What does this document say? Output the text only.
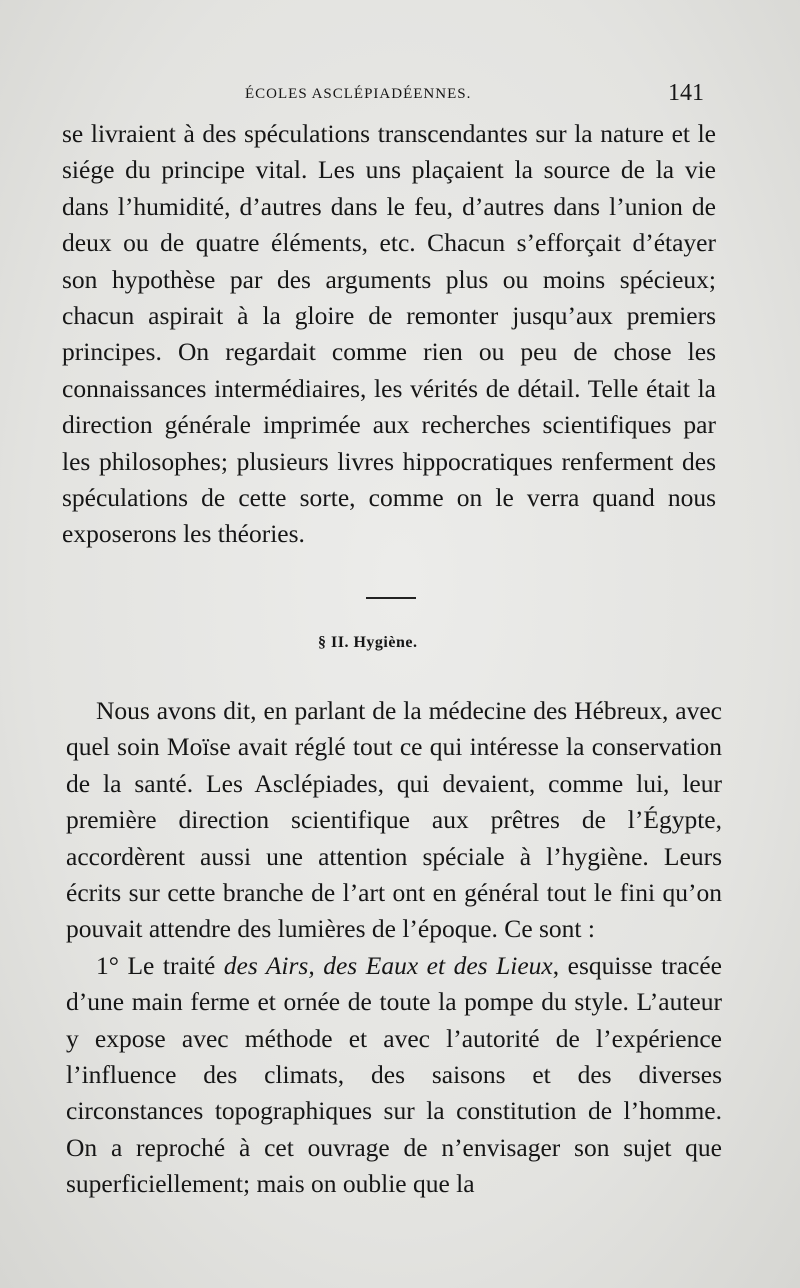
ÉCOLES ASCLÉPIADÉENNES.	141

se livraient à des spéculations transcendantes sur la nature et le siége du principe vital. Les uns plaçaient la source de la vie dans l’humidité, d’autres dans le feu, d’autres dans l’union de deux ou de quatre éléments, etc. Chacun s’efforçait d’étayer son hypothèse par des arguments plus ou moins spécieux; chacun aspirait à la gloire de remonter jusqu’aux premiers principes. On regardait comme rien ou peu de chose les connaissances intermédiaires, les vérités de détail. Telle était la direction générale imprimée aux recherches scientifiques par les philosophes; plusieurs livres hippocratiques renferment des spéculations de cette sorte, comme on le verra quand nous exposerons les théories.

§ II. Hygiène.

Nous avons dit, en parlant de la médecine des Hébreux, avec quel soin Moïse avait réglé tout ce qui intéresse la conservation de la santé. Les Asclépiades, qui devaient, comme lui, leur première direction scientifique aux prêtres de l’Égypte, accordèrent aussi une attention spéciale à l’hygiène. Leurs écrits sur cette branche de l’art ont en général tout le fini qu’on pouvait attendre des lumières de l’époque. Ce sont :

1° Le traité des Airs, des Eaux et des Lieux, esquisse tracée d’une main ferme et ornée de toute la pompe du style. L’auteur y expose avec méthode et avec l’autorité de l’expérience l’influence des climats, des saisons et des diverses circonstances topographiques sur la constitution de l’homme. On a reproché à cet ouvrage de n’envisager son sujet que superficiellement; mais on oublie que la
